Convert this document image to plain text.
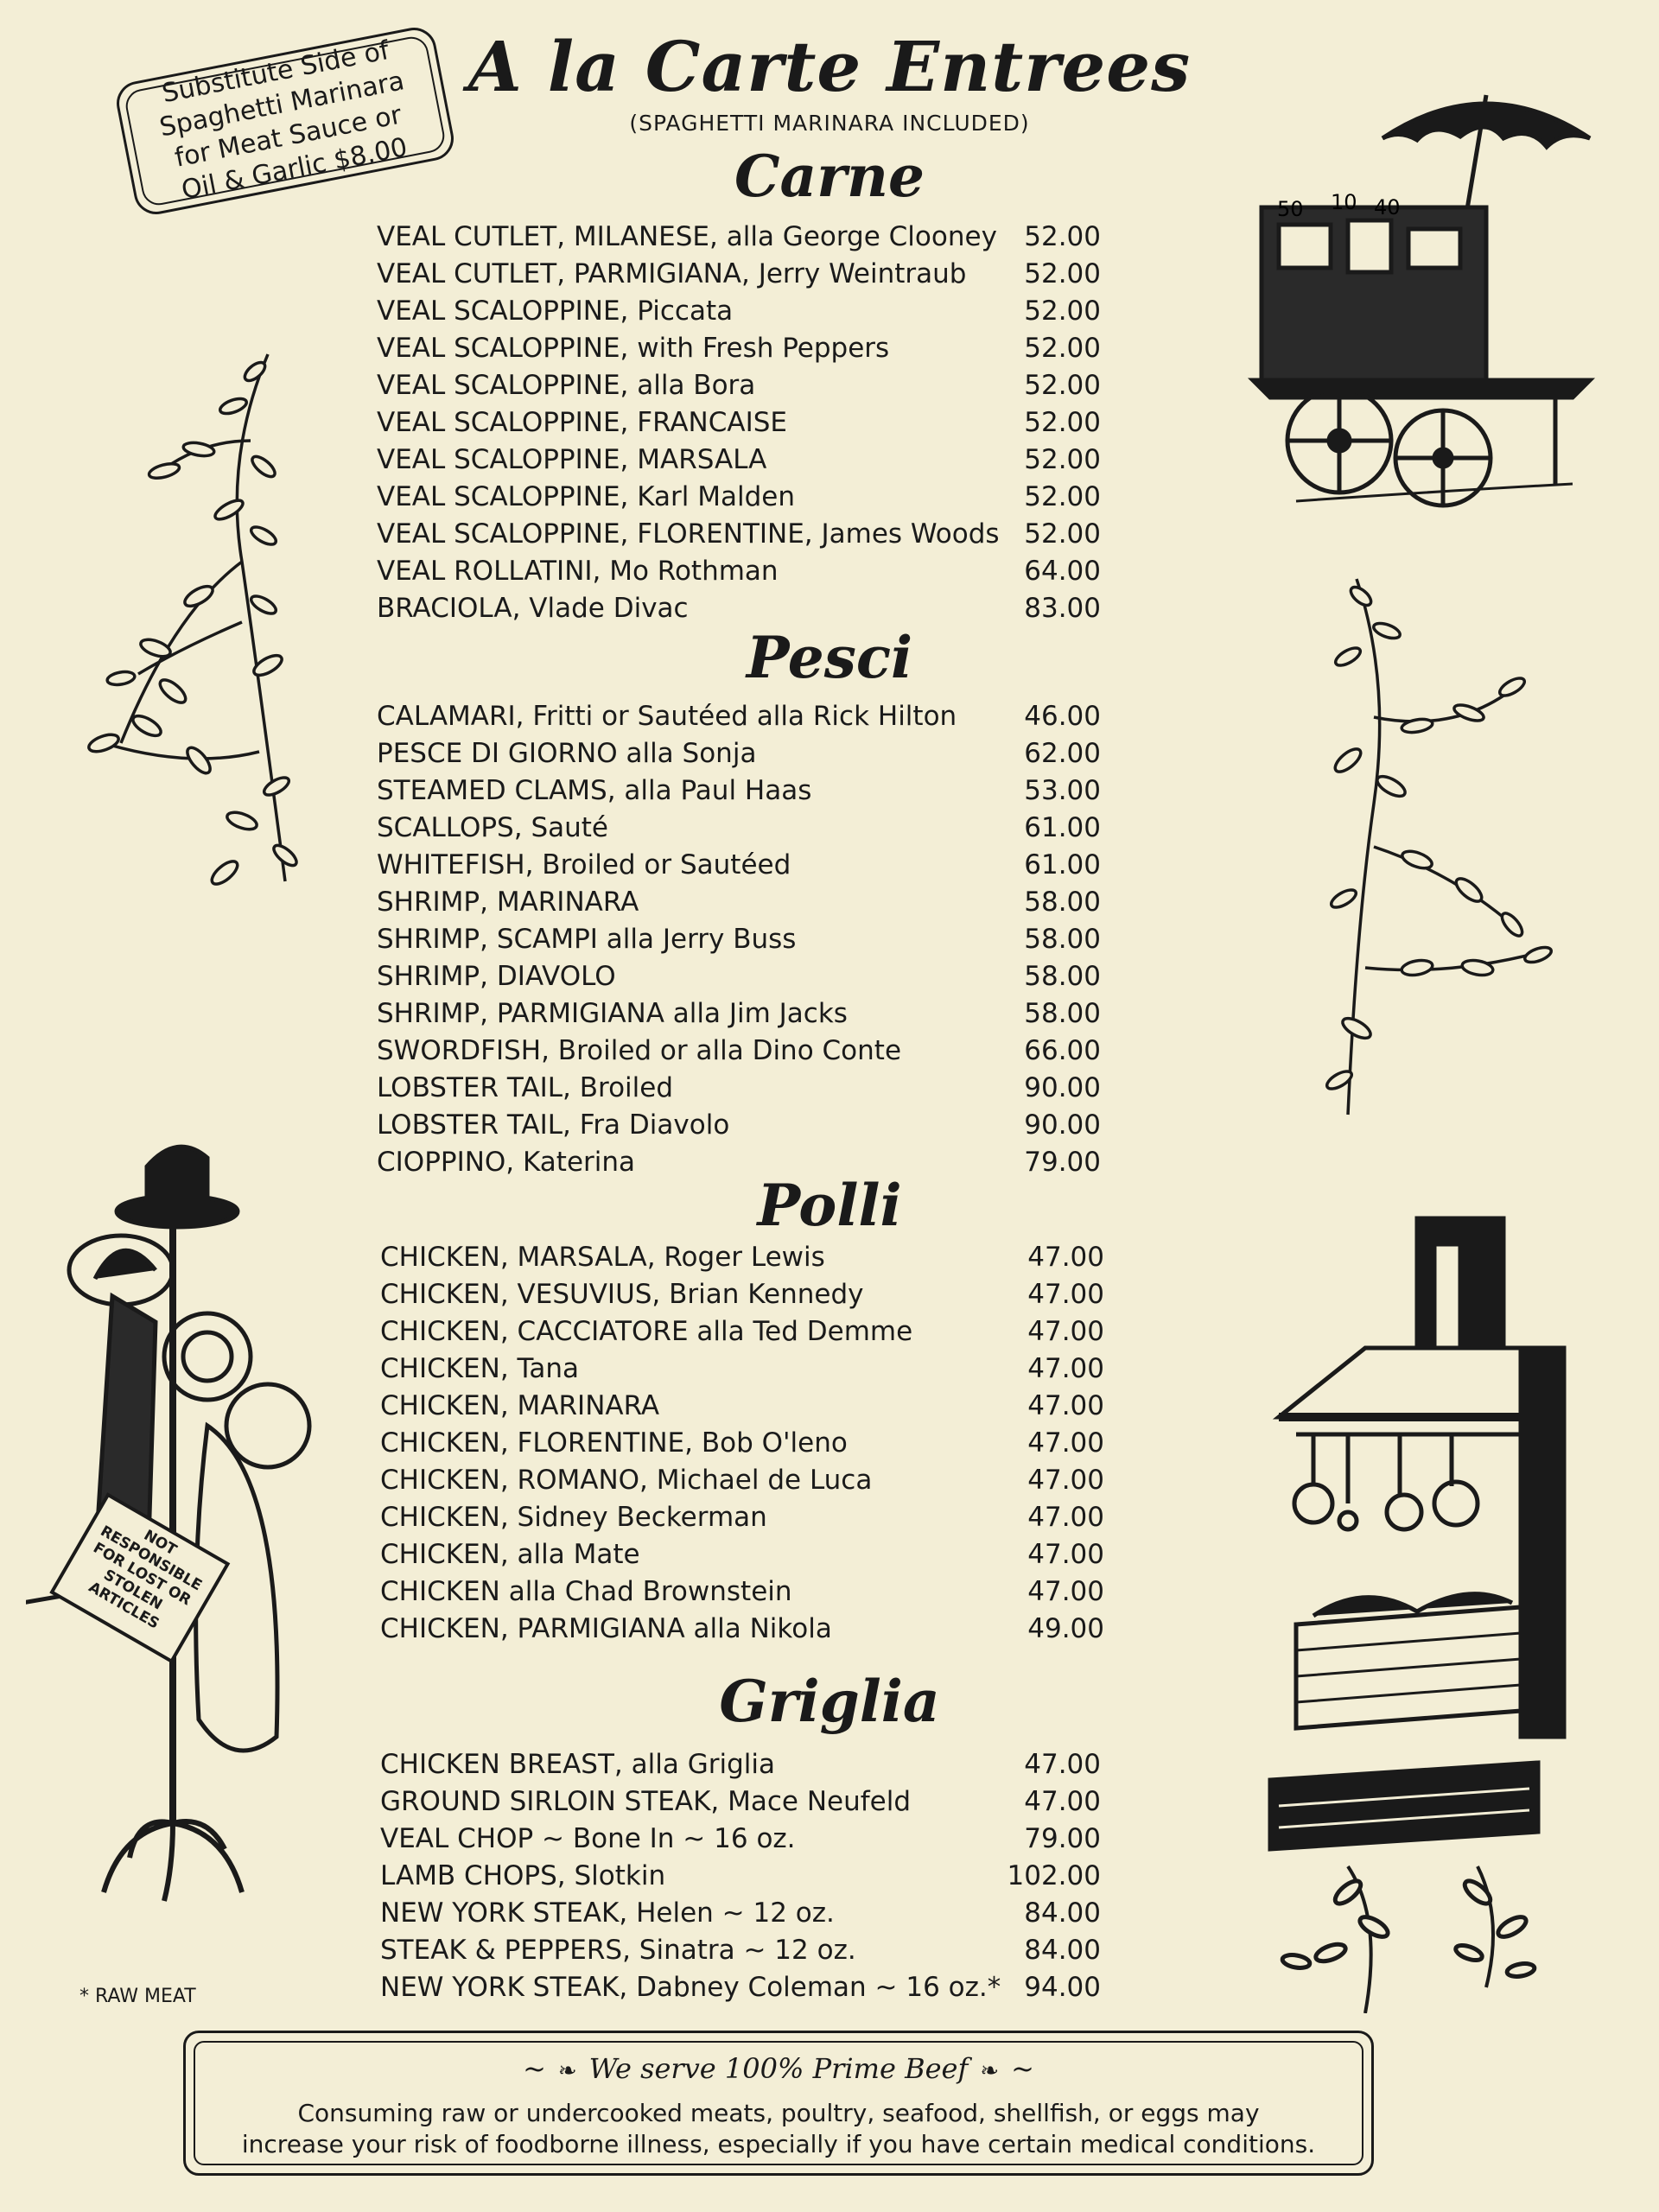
A la Carte Entrees
(SPAGHETTI MARINARA INCLUDED)
Substitute Side of
Spaghetti Marinara
for Meat Sauce or
Oil & Garlic $8.00	Carne
VEAL CUTLET, MILANESE, alla George Clooney	52.00
VEAL CUTLET, PARMIGIANA, Jerry Weintraub	52.00
VEAL SCALOPPINE, Piccata	52.00
VEAL SCALOPPINE, with Fresh Peppers	52.00
VEAL SCALOPPINE, alla Bora	52.00
VEAL SCALOPPINE, FRANCAISE	52.00
VEAL SCALOPPINE, MARSALA	52.00
VEAL SCALOPPINE, Karl Malden	52.00
VEAL SCALOPPINE, FLORENTINE, James Woods 52.00
VEAL ROLLATINI, Mo Rothman	64.00
BRACIOLA, Vlade Divac	83.00
Pesci
CALAMARI, Fritti or Sautéed alla Rick Hilton	46.00
PESCE DI GIORNO alla Sonja	62.00
STEAMED CLAMS, alla Paul Haas	53.00
SCALLOPS, Sauté	61.00
WHITEFISH, Broiled or Sautéed	61.00
SHRIMP, MARINARA	58.00
SHRIMP, SCAMPI alla Jerry Buss	58.00
SHRIMP, DIAVOLO	58.00
SHRIMP, PARMIGIANA alla Jim Jacks	58.00
SWORDFISH, Broiled or alla Dino Conte	66.00
LOBSTER TAIL, Broiled	90.00
LOBSTER TAIL, Fra Diavolo	90.00
CIOPPINO, Katerina	79.00
Polli
CHICKEN, MARSALA, Roger Lewis	47.00
CHICKEN, VESUVIUS, Brian Kennedy	47.00
CHICKEN, CACCIATORE alla Ted Demme	47.00
CHICKEN, Tana	47.00
CHICKEN, MARINARA	47.00
CHICKEN, FLORENTINE, Bob O'leno	47.00
CHICKEN, ROMANO, Michael de Luca	47.00
CHICKEN, Sidney Beckerman	47.00
CHICKEN, alla Mate	47.00
CHICKEN alla Chad Brownstein	47.00
CHICKEN, PARMIGIANA alla Nikola	49.00
Griglia
CHICKEN BREAST, alla Griglia	47.00
GROUND SIRLOIN STEAK, Mace Neufeld	47.00
VEAL CHOP ~ Bone In ~ 16 oz.	79.00
LAMB CHOPS, Slotkin	102.00
NEW YORK STEAK, Helen ~ 12 oz.	84.00
STEAK & PEPPERS, Sinatra ~ 12 oz.	84.00
NEW YORK STEAK, Dabney Coleman ~ 16 oz.* 94.00
* RAW MEAT
~ ❧ We serve 100% Prime Beef ❧ ~
Consuming raw or undercooked meats, poultry, seafood, shellfish, or eggs may
increase your risk of foodborne illness, especially if you have certain medical conditions.
50 10 40
NOT RESPONSIBLE FOR LOST OR STOLEN ARTICLES
